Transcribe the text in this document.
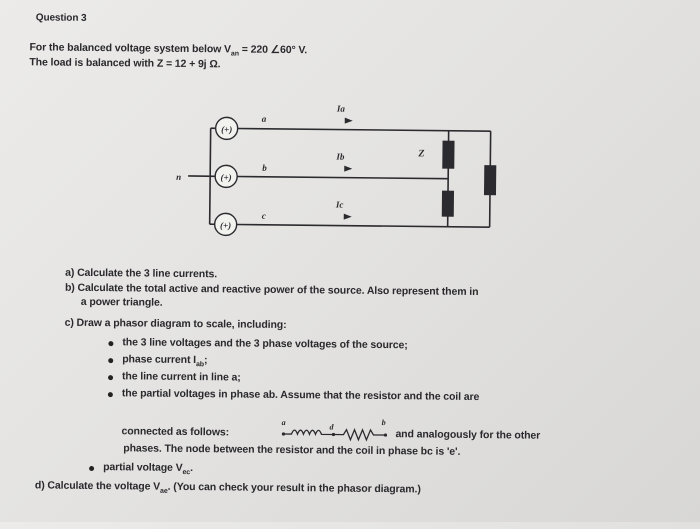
Question 3
For the balanced voltage system below $V_{an} = 220$ ∠60° V.
The load is balanced with Z = 12 + 9j Ω.
(+)
(+)
(+)
n
a
b
c
Ia
Ib
Ic
Z
a) Calculate the 3 line currents.
b) Calculate the total active and reactive power of the source. Also represent them in
a power triangle.
c) Draw a phasor diagram to scale, including:
the 3 line voltages and the 3 phase voltages of the source;
phase current $I_{ab}$;
the line current in line a;
the partial voltages in phase ab. Assume that the resistor and the coil are
connected as follows:
a	d	b
and analogously for the other
phases. The node between the resistor and the coil in phase bc is 'e'.
partial voltage $V_{ec}$.
d) Calculate the voltage $V_{ae}$. (You can check your result in the phasor diagram.)
